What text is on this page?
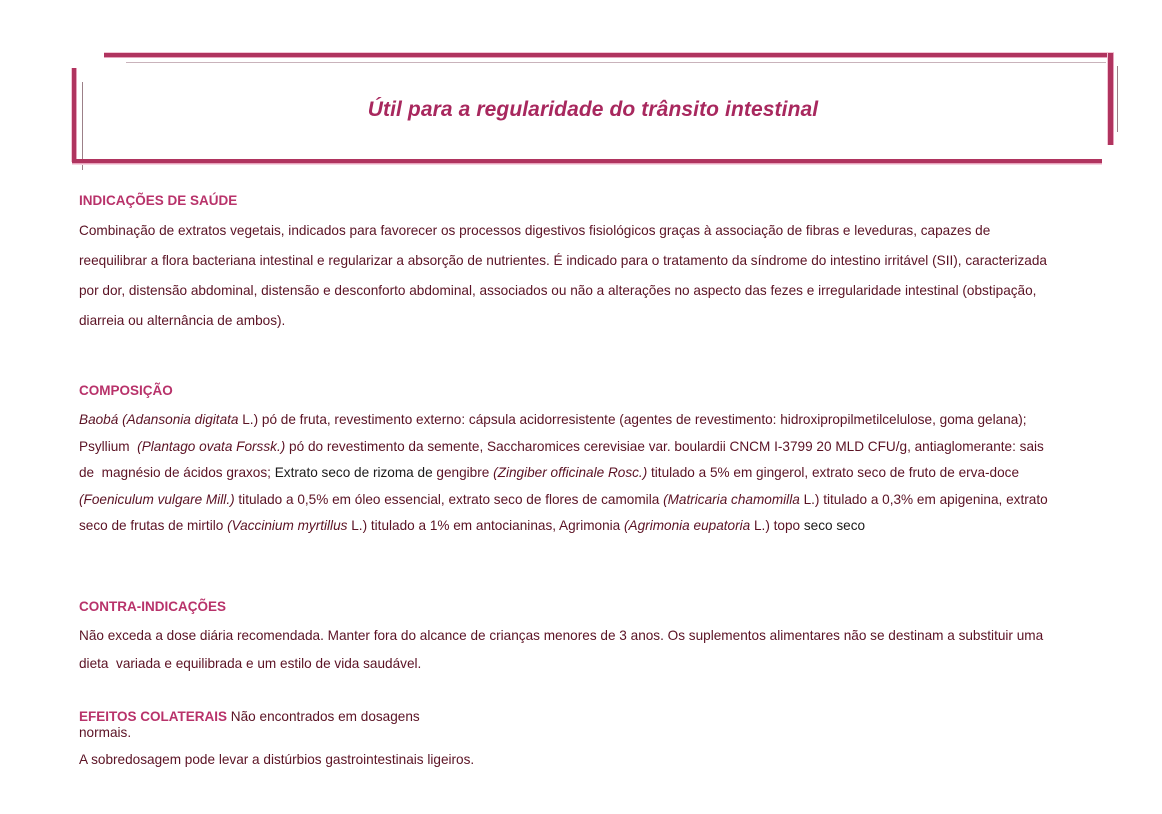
Útil para a regularidade do trânsito intestinal
INDICAÇÕES DE SAÚDE
Combinação de extratos vegetais, indicados para favorecer os processos digestivos fisiológicos graças à associação de fibras e leveduras, capazes de
reequilibrar a flora bacteriana intestinal e regularizar a absorção de nutrientes. É indicado para o tratamento da síndrome do intestino irritável (SII), caracterizada
por dor, distensão abdominal, distensão e desconforto abdominal, associados ou não a alterações no aspecto das fezes e irregularidade intestinal (obstipação,
diarreia ou alternância de ambos).
COMPOSIÇÃO
Baobá (Adansonia digitata L.) pó de fruta, revestimento externo: cápsula acidorresistente (agentes de revestimento: hidroxipropilmetilcelulose, goma gelana);
Psyllium  (Plantago ovata Forssk.) pó do revestimento da semente, Saccharomices cerevisiae var. boulardii CNCM I-3799 20 MLD CFU/g, antiaglomerante: sais
de  magnésio de ácidos graxos; Extrato seco de rizoma de gengibre (Zingiber officinale Rosc.) titulado a 5% em gingerol, extrato seco de fruto de erva-doce
(Foeniculum vulgare Mill.) titulado a 0,5% em óleo essencial, extrato seco de flores de camomila (Matricaria chamomilla L.) titulado a 0,3% em apigenina, extrato
seco de frutas de mirtilo (Vaccinium myrtillus L.) titulado a 1% em antocianinas, Agrimonia (Agrimonia eupatoria L.) topo seco seco
CONTRA-INDICAÇÕES
Não exceda a dose diária recomendada. Manter fora do alcance de crianças menores de 3 anos. Os suplementos alimentares não se destinam a substituir uma
dieta  variada e equilibrada e um estilo de vida saudável.
EFEITOS COLATERAIS Não encontrados em dosagens
normais.
A sobredosagem pode levar a distúrbios gastrointestinais ligeiros.
